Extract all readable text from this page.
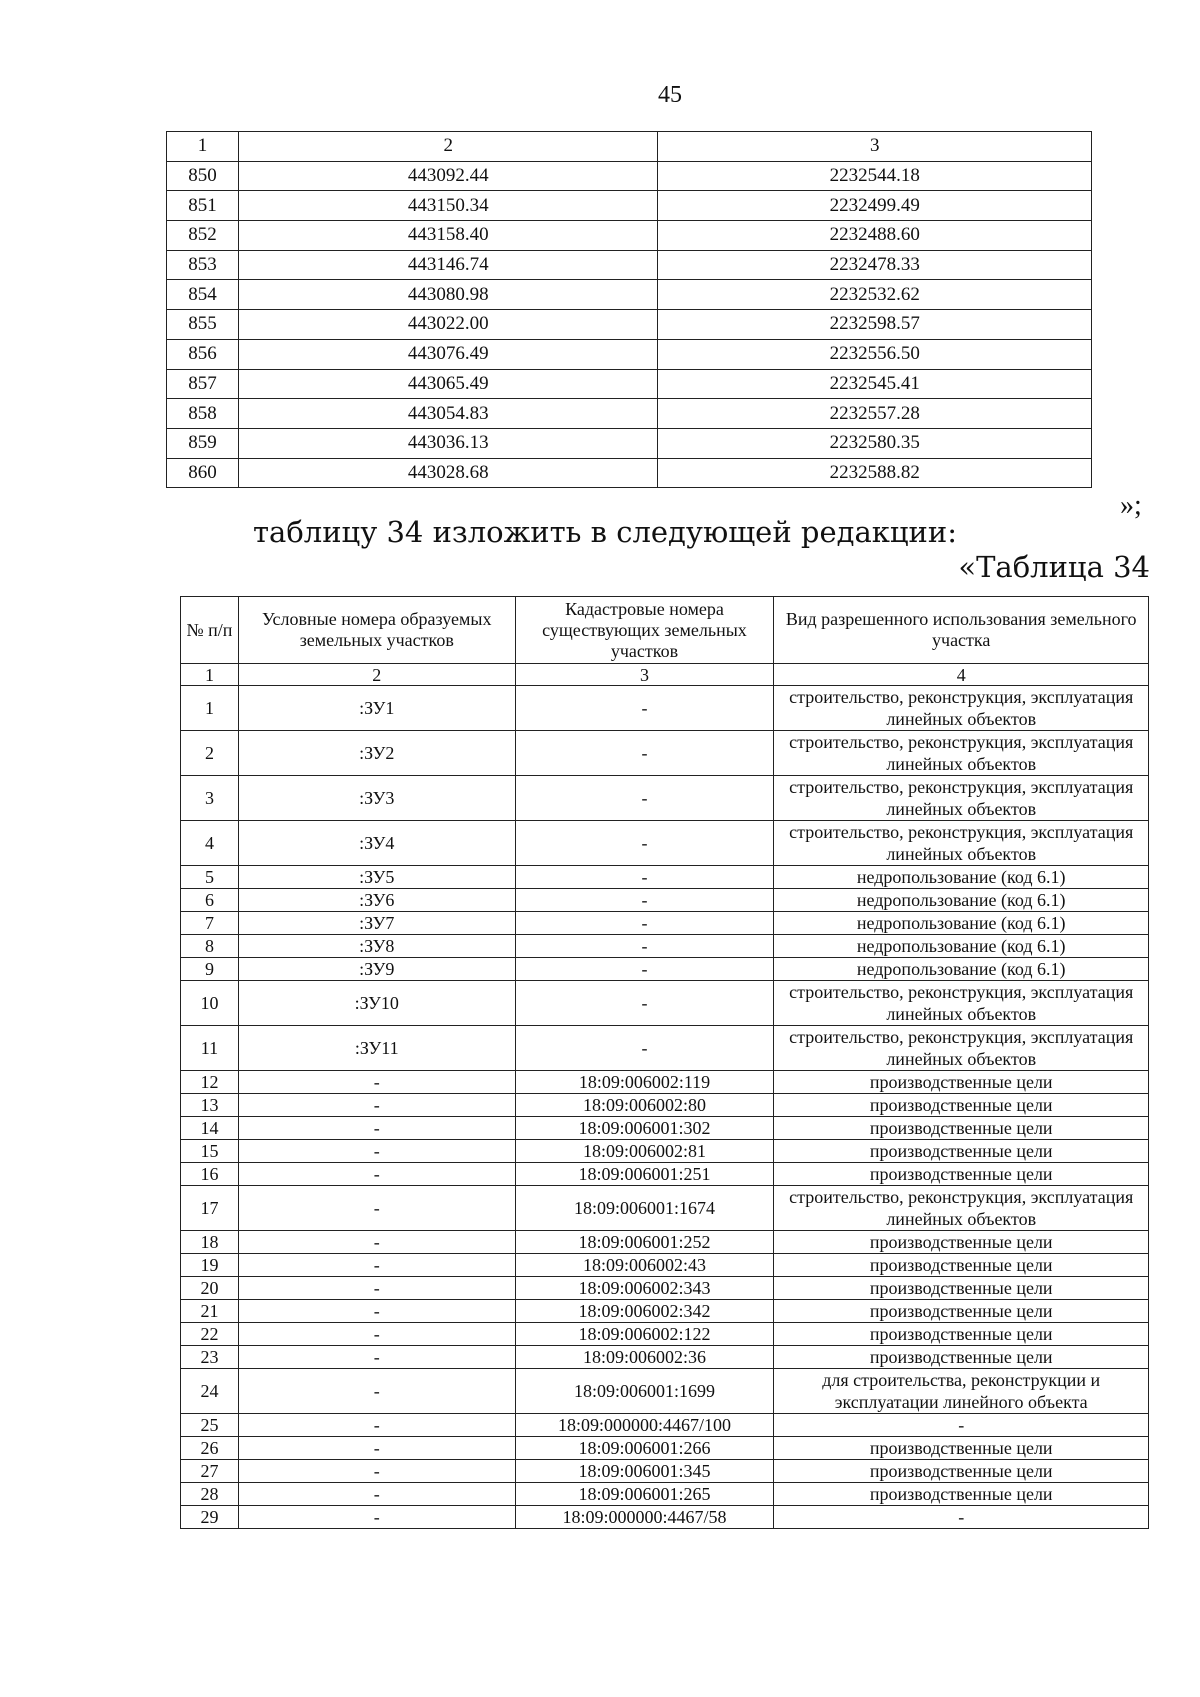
45
1	2	3
850	443092.44	2232544.18
851	443150.34	2232499.49
852	443158.40	2232488.60
853	443146.74	2232478.33
854	443080.98	2232532.62
855	443022.00	2232598.57
856	443076.49	2232556.50
857	443065.49	2232545.41
858	443054.83	2232557.28
859	443036.13	2232580.35
860	443028.68	2232588.82
»;
таблицу 34 изложить в следующей редакции:
«Таблица 34
№ п/п	Условные номера образуемых земельных участков	Кадастровые номера существующих земельных участков	Вид разрешенного использования земельного участка
1	2	3	4
1	:ЗУ1	-	строительство, реконструкция, эксплуатация линейных объектов
2	:ЗУ2	-	строительство, реконструкция, эксплуатация линейных объектов
3	:ЗУ3	-	строительство, реконструкция, эксплуатация линейных объектов
4	:ЗУ4	-	строительство, реконструкция, эксплуатация линейных объектов
5	:ЗУ5	-	недропользование (код 6.1)
6	:ЗУ6	-	недропользование (код 6.1)
7	:ЗУ7	-	недропользование (код 6.1)
8	:ЗУ8	-	недропользование (код 6.1)
9	:ЗУ9	-	недропользование (код 6.1)
10	:ЗУ10	-	строительство, реконструкция, эксплуатация линейных объектов
11	:ЗУ11	-	строительство, реконструкция, эксплуатация линейных объектов
12	-	18:09:006002:119	производственные цели
13	-	18:09:006002:80	производственные цели
14	-	18:09:006001:302	производственные цели
15	-	18:09:006002:81	производственные цели
16	-	18:09:006001:251	производственные цели
17	-	18:09:006001:1674	строительство, реконструкция, эксплуатация линейных объектов
18	-	18:09:006001:252	производственные цели
19	-	18:09:006002:43	производственные цели
20	-	18:09:006002:343	производственные цели
21	-	18:09:006002:342	производственные цели
22	-	18:09:006002:122	производственные цели
23	-	18:09:006002:36	производственные цели
24	-	18:09:006001:1699	для строительства, реконструкции и эксплуатации линейного объекта
25	-	18:09:000000:4467/100	-
26	-	18:09:006001:266	производственные цели
27	-	18:09:006001:345	производственные цели
28	-	18:09:006001:265	производственные цели
29	-	18:09:000000:4467/58	-
